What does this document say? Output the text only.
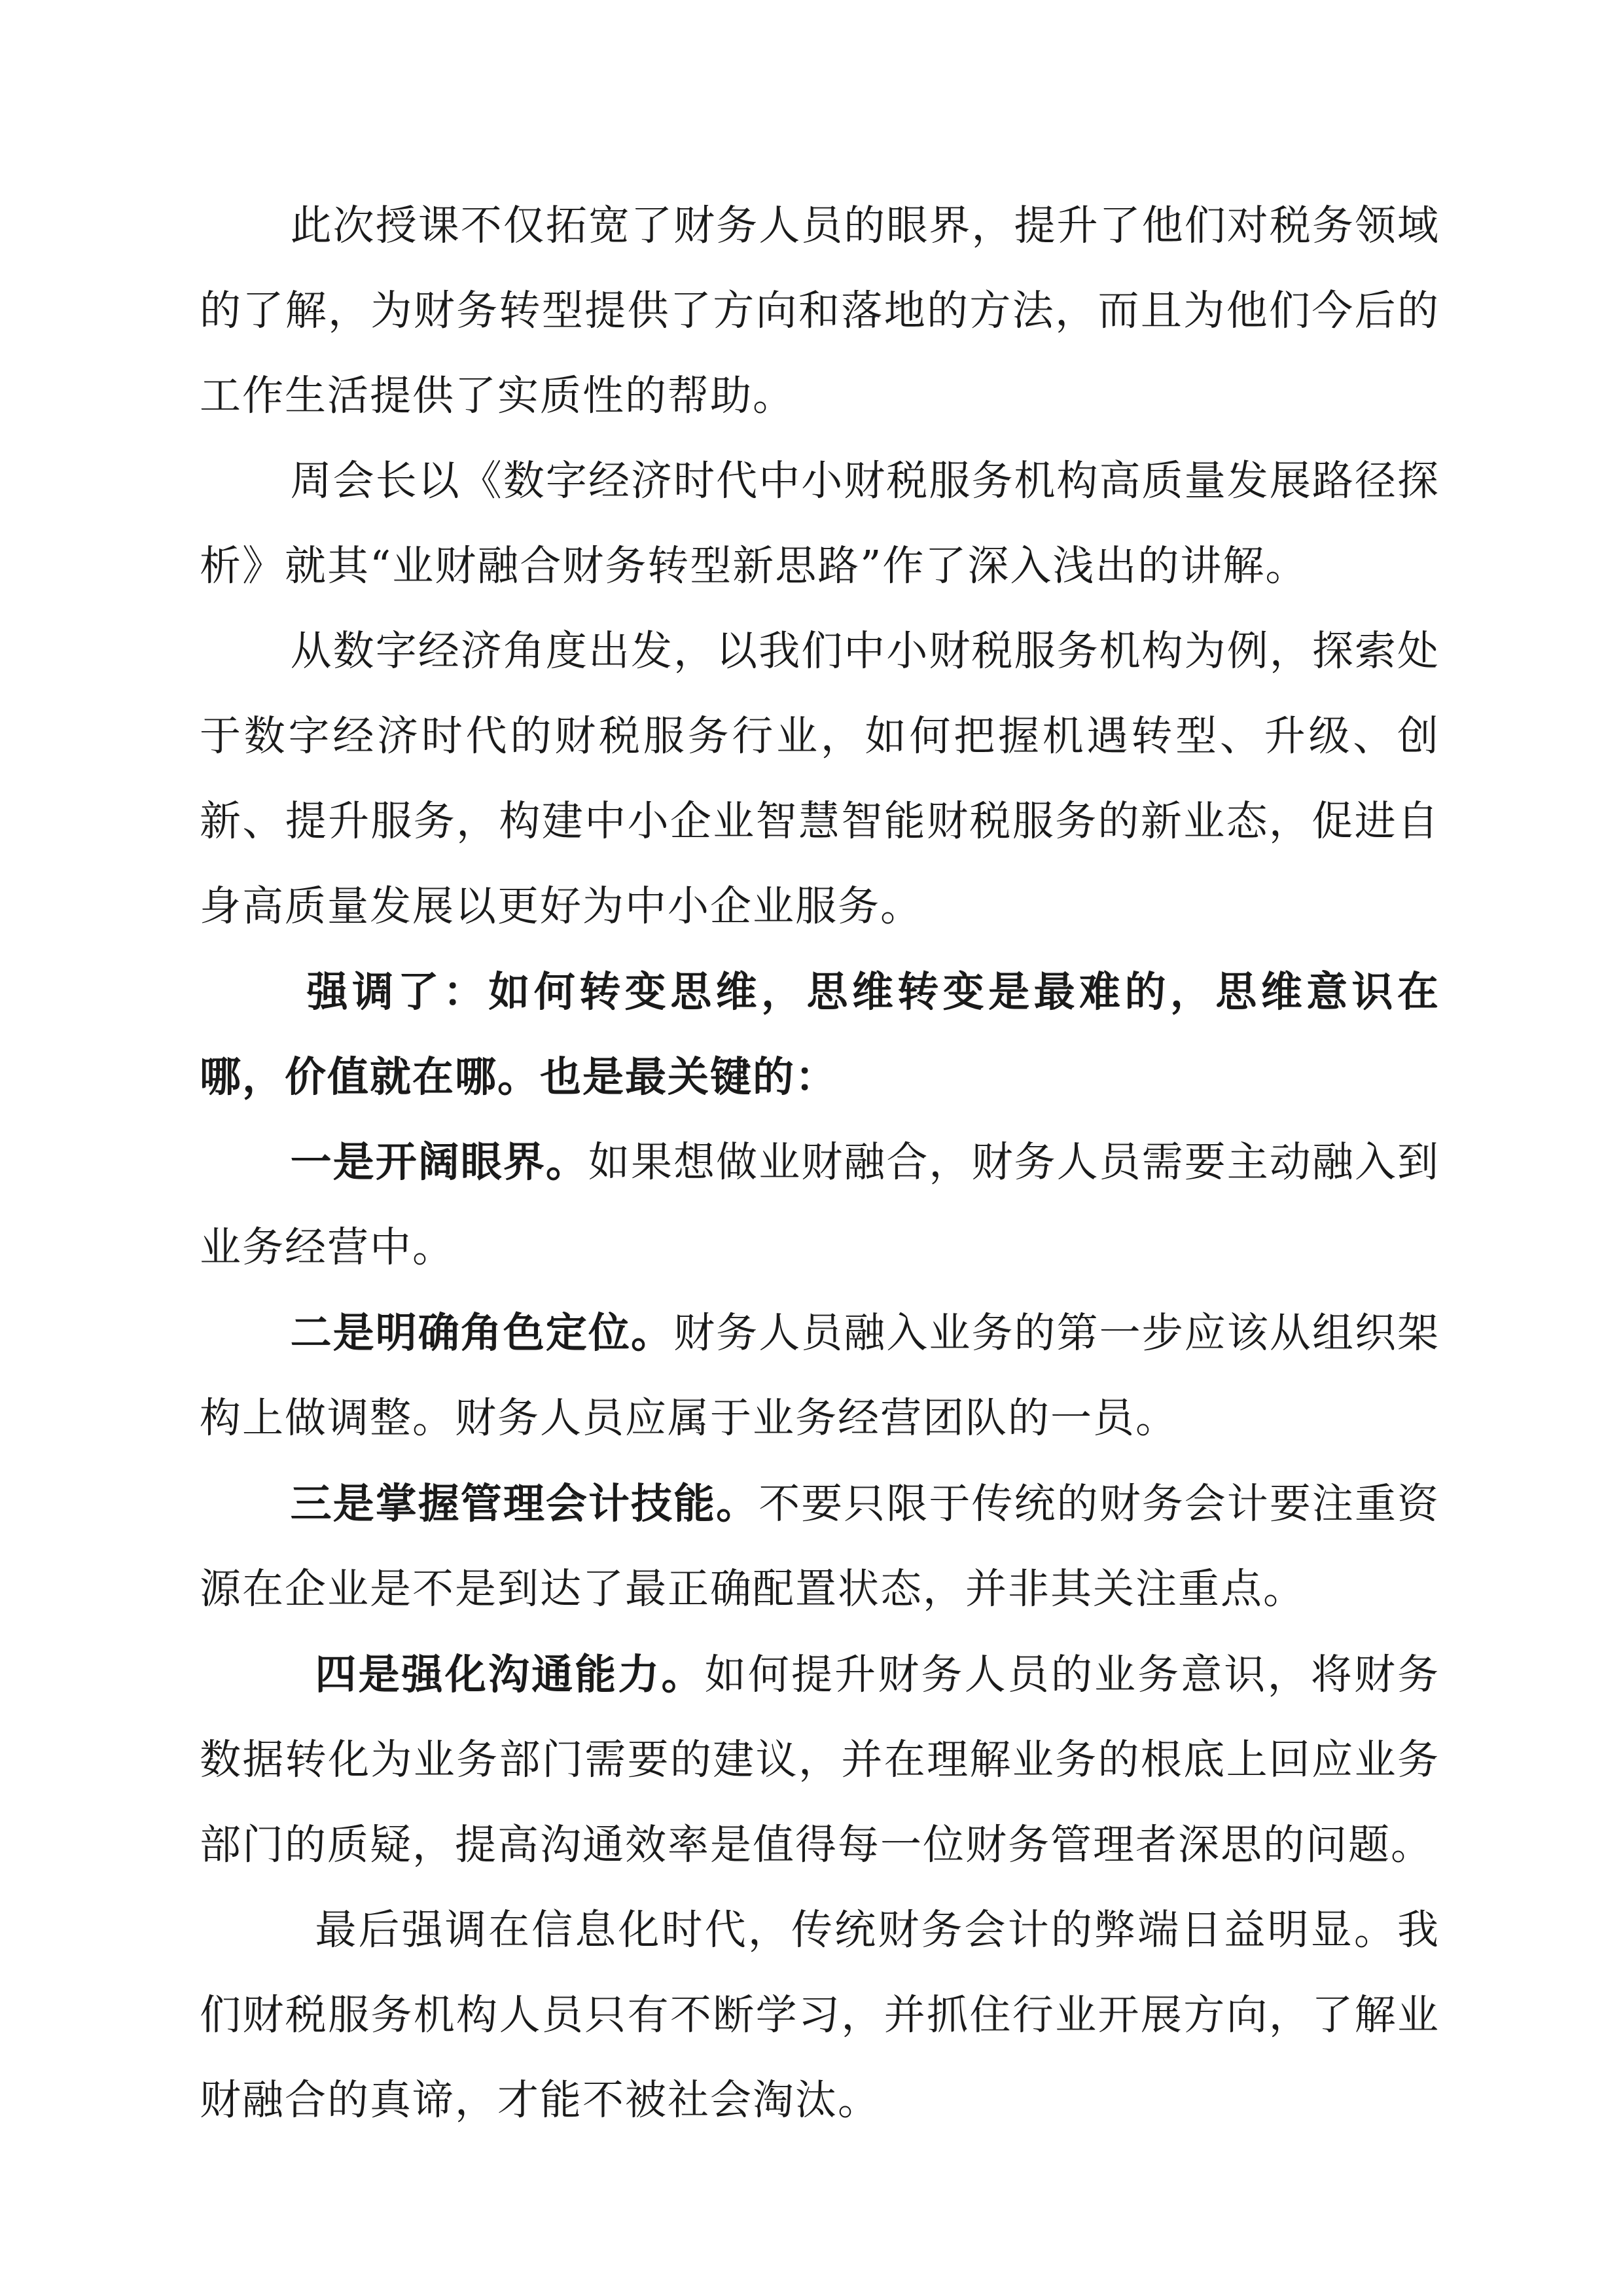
此次授课不仅拓宽了财务人员的眼界，提升了他们对税务领域的了解，为财务转型提供了方向和落地的方法，而且为他们今后的工作生活提供了实质性的帮助。

周会长以《数字经济时代中小财税服务机构高质量发展路径探析》就其“业财融合财务转型新思路”作了深入浅出的讲解。

从数字经济角度出发，以我们中小财税服务机构为例，探索处于数字经济时代的财税服务行业，如何把握机遇转型、升级、创新、提升服务，构建中小企业智慧智能财税服务的新业态，促进自身高质量发展以更好为中小企业服务。

强调了：如何转变思维，思维转变是最难的，思维意识在哪，价值就在哪。也是最关键的：

一是开阔眼界。如果想做业财融合，财务人员需要主动融入到业务经营中。

二是明确角色定位。财务人员融入业务的第一步应该从组织架构上做调整。财务人员应属于业务经营团队的一员。

三是掌握管理会计技能。不要只限于传统的财务会计要注重资源在企业是不是到达了最正确配置状态，并非其关注重点。

四是强化沟通能力。如何提升财务人员的业务意识，将财务数据转化为业务部门需要的建议，并在理解业务的根底上回应业务部门的质疑，提高沟通效率是值得每一位财务管理者深思的问题。

最后强调在信息化时代，传统财务会计的弊端日益明显。我们财税服务机构人员只有不断学习，并抓住行业开展方向，了解业财融合的真谛，才能不被社会淘汰。
